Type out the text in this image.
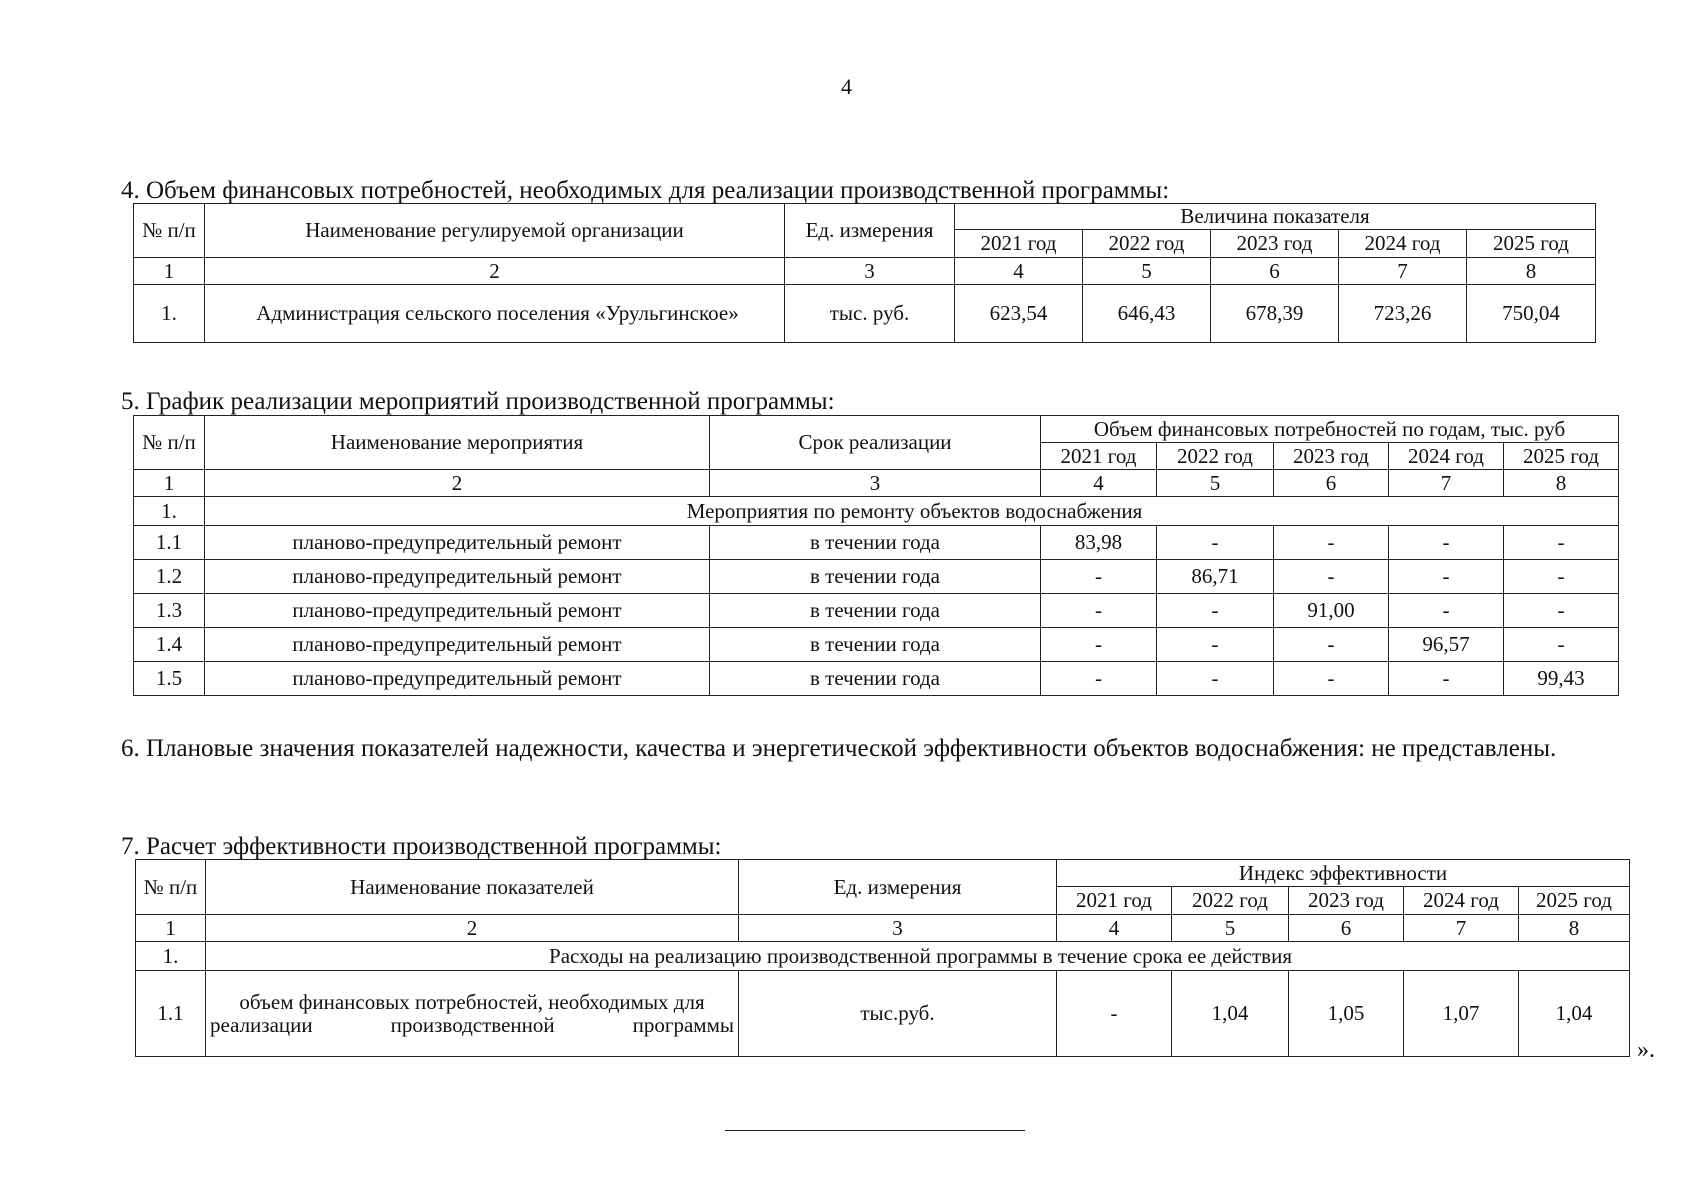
4
4. Объем финансовых потребностей, необходимых для реализации производственной программы:
№ п/п	Наименование регулируемой организации	Ед. измерения	Величина показателя				
			2021 год	2022 год	2023 год	2024 год	2025 год
1	2	3	4	5	6	7	8
1.	Администрация сельского поселения «Урульгинское»	тыс. руб.	623,54	646,43	678,39	723,26	750,04
5. График реализации мероприятий производственной программы:
№ п/п	Наименование мероприятия	Срок реализации	Объем финансовых потребностей по годам, тыс. руб				
			2021 год	2022 год	2023 год	2024 год	2025 год
1	2	3	4	5	6	7	8
1.	Мероприятия по ремонту объектов водоснабжения						
1.1	планово-предупредительный ремонт	в течении года	83,98	-	-	-	-
1.2	планово-предупредительный ремонт	в течении года	-	86,71	-	-	-
1.3	планово-предупредительный ремонт	в течении года	-	-	91,00	-	-
1.4	планово-предупредительный ремонт	в течении года	-	-	-	96,57	-
1.5	планово-предупредительный ремонт	в течении года	-	-	-	-	99,43
6. Плановые значения показателей надежности, качества и энергетической эффективности объектов водоснабжения: не представлены.
7. Расчет эффективности производственной программы:
№ п/п	Наименование показателей	Ед. измерения	Индекс эффективности				
			2021 год	2022 год	2023 год	2024 год	2025 год
1	2	3	4	5	6	7	8
1.	Расходы на реализацию производственной программы в течение срока ее действия						
1.1	объем финансовых потребностей, необходимых для реализации производственной программы	тыс.руб.	-	1,04	1,05	1,07	1,04
».
